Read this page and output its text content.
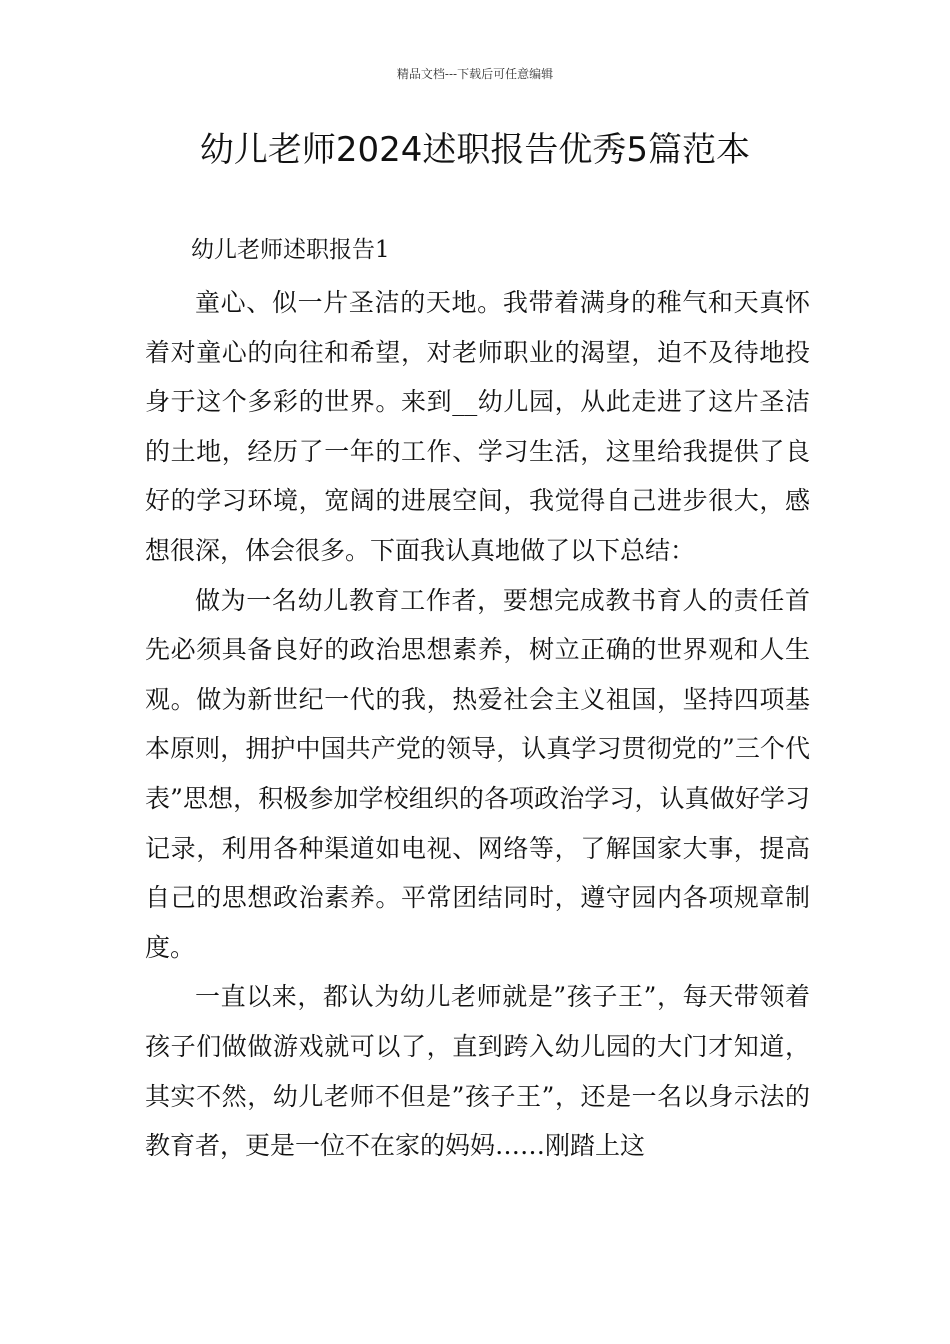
精品文档---下载后可任意编辑
幼儿老师2024述职报告优秀5篇范本
幼儿老师述职报告1

童心、似一片圣洁的天地。我带着满身的稚气和天真怀着对童心的向往和希望，对老师职业的渴望，迫不及待地投身于这个多彩的世界。来到__幼儿园，从此走进了这片圣洁的土地，经历了一年的工作、学习生活，这里给我提供了良好的学习环境，宽阔的进展空间，我觉得自己进步很大，感想很深，体会很多。下面我认真地做了以下总结：

做为一名幼儿教育工作者，要想完成教书育人的责任首先必须具备良好的政治思想素养，树立正确的世界观和人生观。做为新世纪一代的我，热爱社会主义祖国，坚持四项基本原则，拥护中国共产党的领导，认真学习贯彻党的”三个代表”思想，积极参加学校组织的各项政治学习，认真做好学习记录，利用各种渠道如电视、网络等，了解国家大事，提高自己的思想政治素养。平常团结同时，遵守园内各项规章制度。

一直以来，都认为幼儿老师就是”孩子王”，每天带领着孩子们做做游戏就可以了，直到跨入幼儿园的大门才知道，其实不然，幼儿老师不但是”孩子王”，还是一名以身示法的教育者，更是一位不在家的妈妈……刚踏上这
